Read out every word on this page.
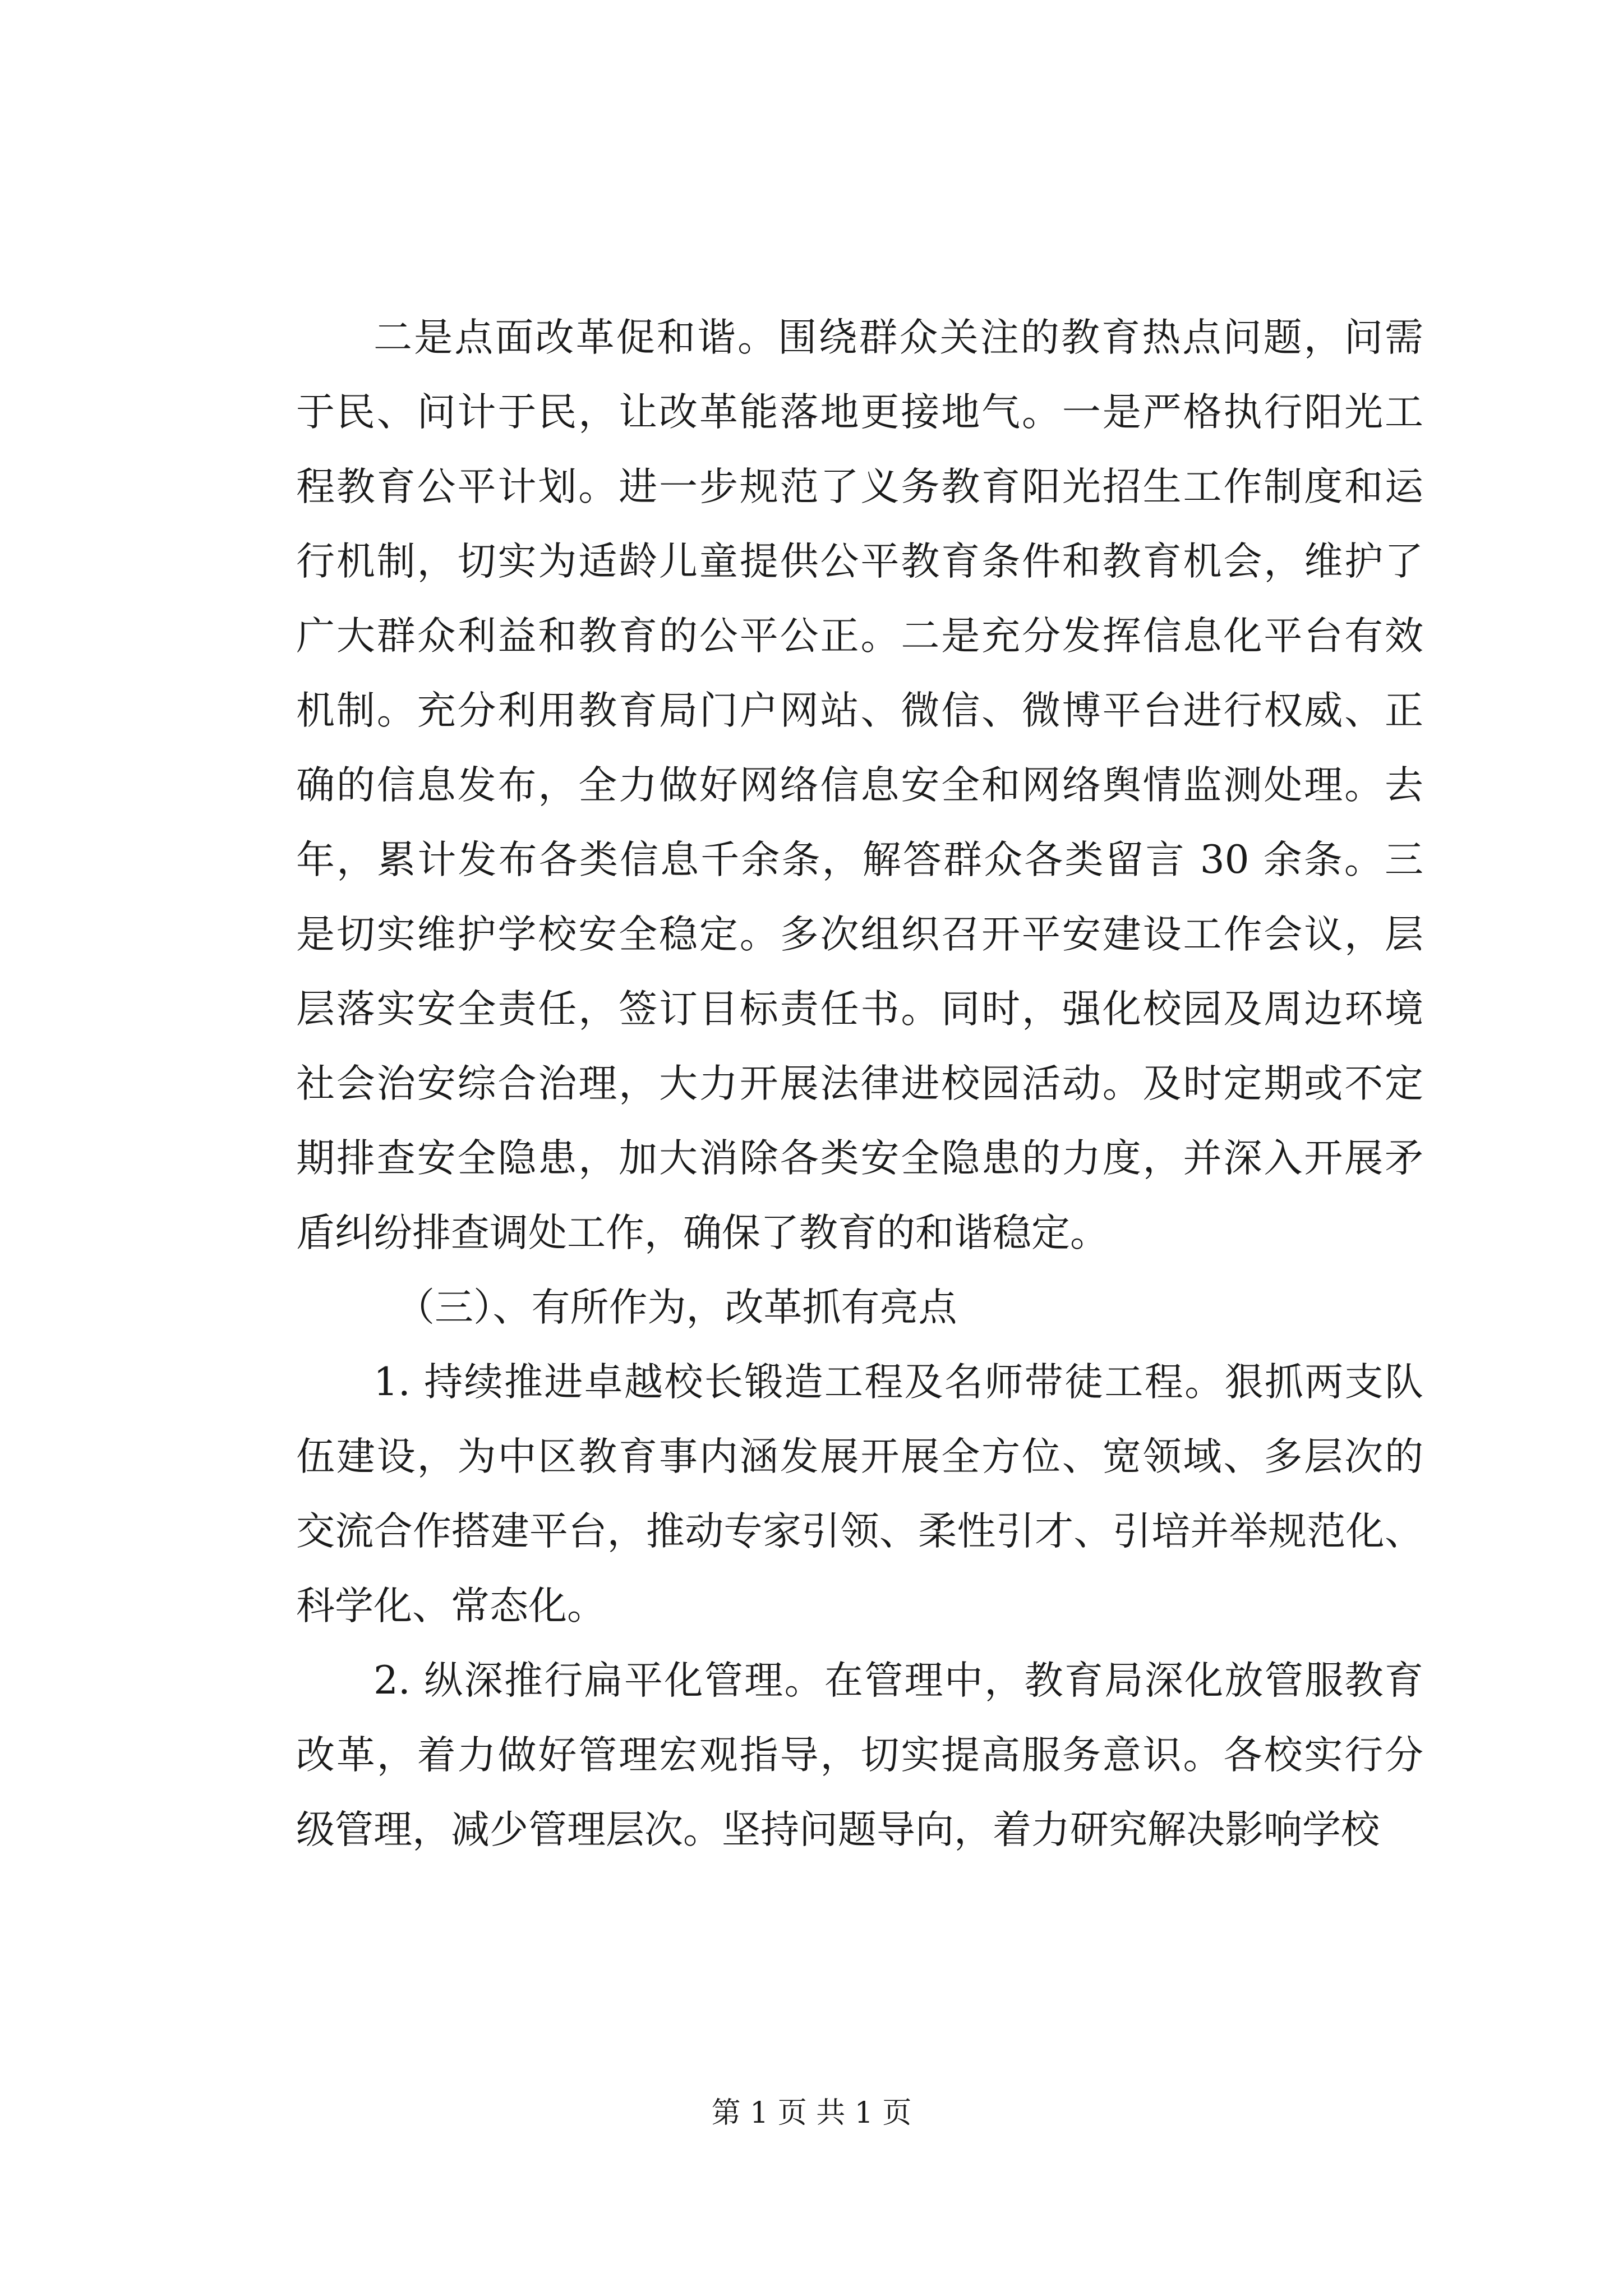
二是点面改革促和谐。围绕群众关注的教育热点问题，问需
于民、问计于民，让改革能落地更接地气。一是严格执行阳光工
程教育公平计划。进一步规范了义务教育阳光招生工作制度和运
行机制，切实为适龄儿童提供公平教育条件和教育机会，维护了
广大群众利益和教育的公平公正。二是充分发挥信息化平台有效
机制。充分利用教育局门户网站、微信、微博平台进行权威、正
确的信息发布，全力做好网络信息安全和网络舆情监测处理。去
年，累计发布各类信息千余条，解答群众各类留言 30 余条。三
是切实维护学校安全稳定。多次组织召开平安建设工作会议，层
层落实安全责任，签订目标责任书。同时，强化校园及周边环境
社会治安综合治理，大力开展法律进校园活动。及时定期或不定
期排查安全隐患，加大消除各类安全隐患的力度，并深入开展矛
盾纠纷排查调处工作，确保了教育的和谐稳定。
（三）、有所作为，改革抓有亮点
1. 持续推进卓越校长锻造工程及名师带徒工程。狠抓两支队
伍建设，为中区教育事内涵发展开展全方位、宽领域、多层次的
交流合作搭建平台，推动专家引领、柔性引才、引培并举规范化、
科学化、常态化。
2. 纵深推行扁平化管理。在管理中，教育局深化放管服教育
改革，着力做好管理宏观指导，切实提高服务意识。各校实行分
级管理，减少管理层次。坚持问题导向，着力研究解决影响学校
第 1 页 共 1 页
